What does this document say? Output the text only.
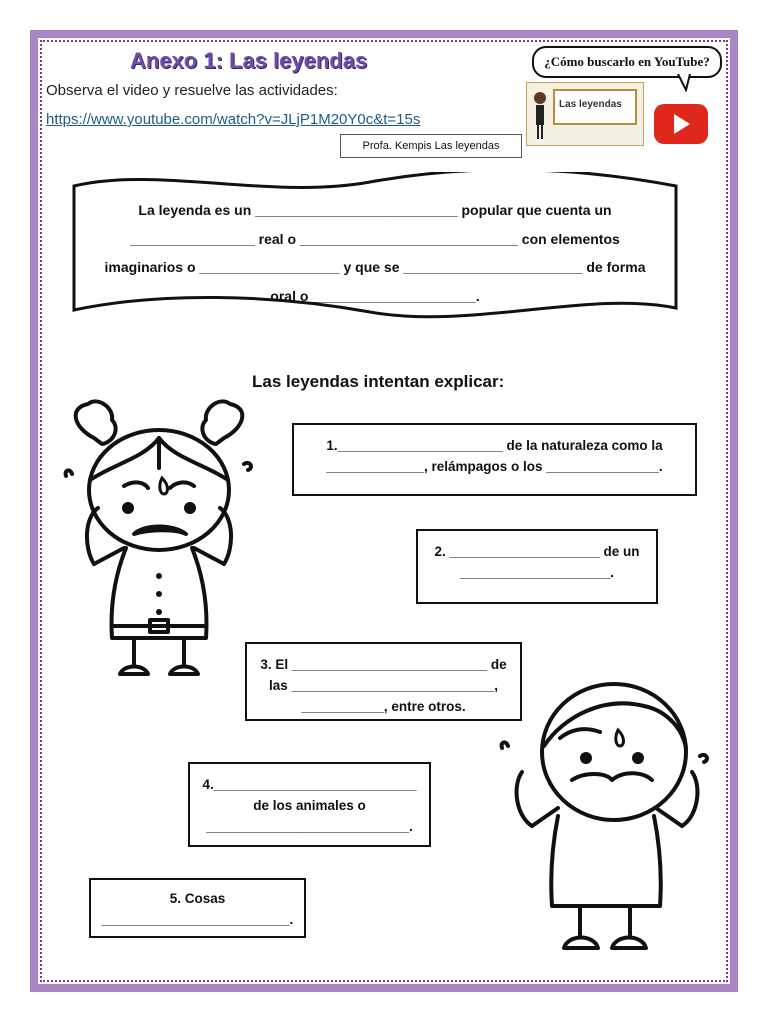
Anexo 1: Las leyendas
Observa el video y resuelve las actividades:
https://www.youtube.com/watch?v=JLjP1M20Y0c&t=15s
¿Cómo buscarlo en YouTube?
Las leyendas
Profa. Kempis Las leyendas
La leyenda es un __________________________ popular que cuenta un
________________ real o ____________________________ con elementos
imaginarios o __________________ y que se _______________________ de forma
oral o _____________________.
Las leyendas intentan explicar:
1.______________________ de la naturaleza como la
_____________, relámpagos o los _______________.
2. ____________________ de un
____________________.
3. El __________________________ de
las ___________________________,
___________, entre otros.
4.___________________________
de los animales o
___________________________.
5. Cosas
_________________________.
